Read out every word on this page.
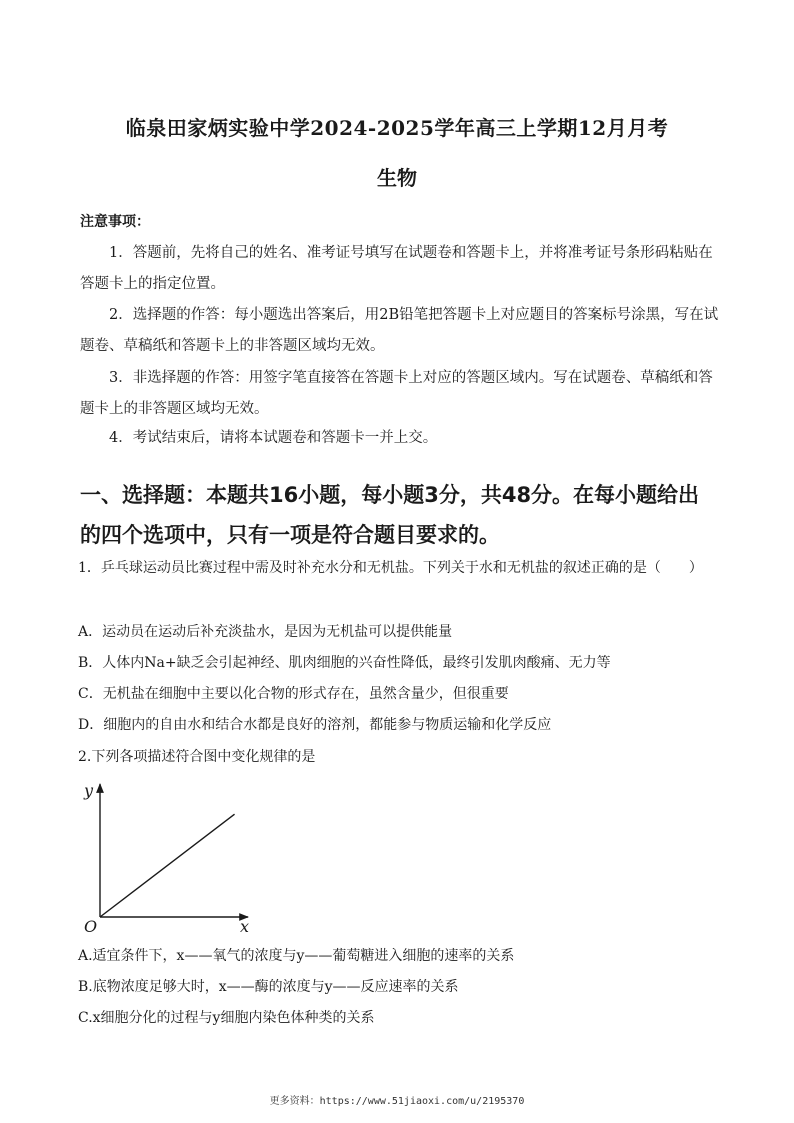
临泉田家炳实验中学2024-2025学年高三上学期12月月考
生物
注意事项：
1．答题前，先将自己的姓名、准考证号填写在试题卷和答题卡上，并将准考证号条形码粘贴在答题卡上的指定位置。
2．选择题的作答：每小题选出答案后，用2B铅笔把答题卡上对应题目的答案标号涂黑，写在试题卷、草稿纸和答题卡上的非答题区域均无效。
3．非选择题的作答：用签字笔直接答在答题卡上对应的答题区域内。写在试题卷、草稿纸和答题卡上的非答题区域均无效。
4．考试结束后，请将本试题卷和答题卡一并上交。
一、选择题：本题共16小题，每小题3分，共48分。在每小题给出的四个选项中，只有一项是符合题目要求的。
1．乒乓球运动员比赛过程中需及时补充水分和无机盐。下列关于水和无机盐的叙述正确的是（　　）
A．运动员在运动后补充淡盐水，是因为无机盐可以提供能量
B．人体内Na+缺乏会引起神经、肌肉细胞的兴奋性降低，最终引发肌肉酸痛、无力等
C．无机盐在细胞中主要以化合物的形式存在，虽然含量少，但很重要
D．细胞内的自由水和结合水都是良好的溶剂，都能参与物质运输和化学反应
2.下列各项描述符合图中变化规律的是
y
x
O
A.适宜条件下，x——氧气的浓度与y——葡萄糖进入细胞的速率的关系
B.底物浓度足够大时，x——酶的浓度与y——反应速率的关系
C.x细胞分化的过程与y细胞内染色体种类的关系
更多资料：https://www.51jiaoxi.com/u/2195370
